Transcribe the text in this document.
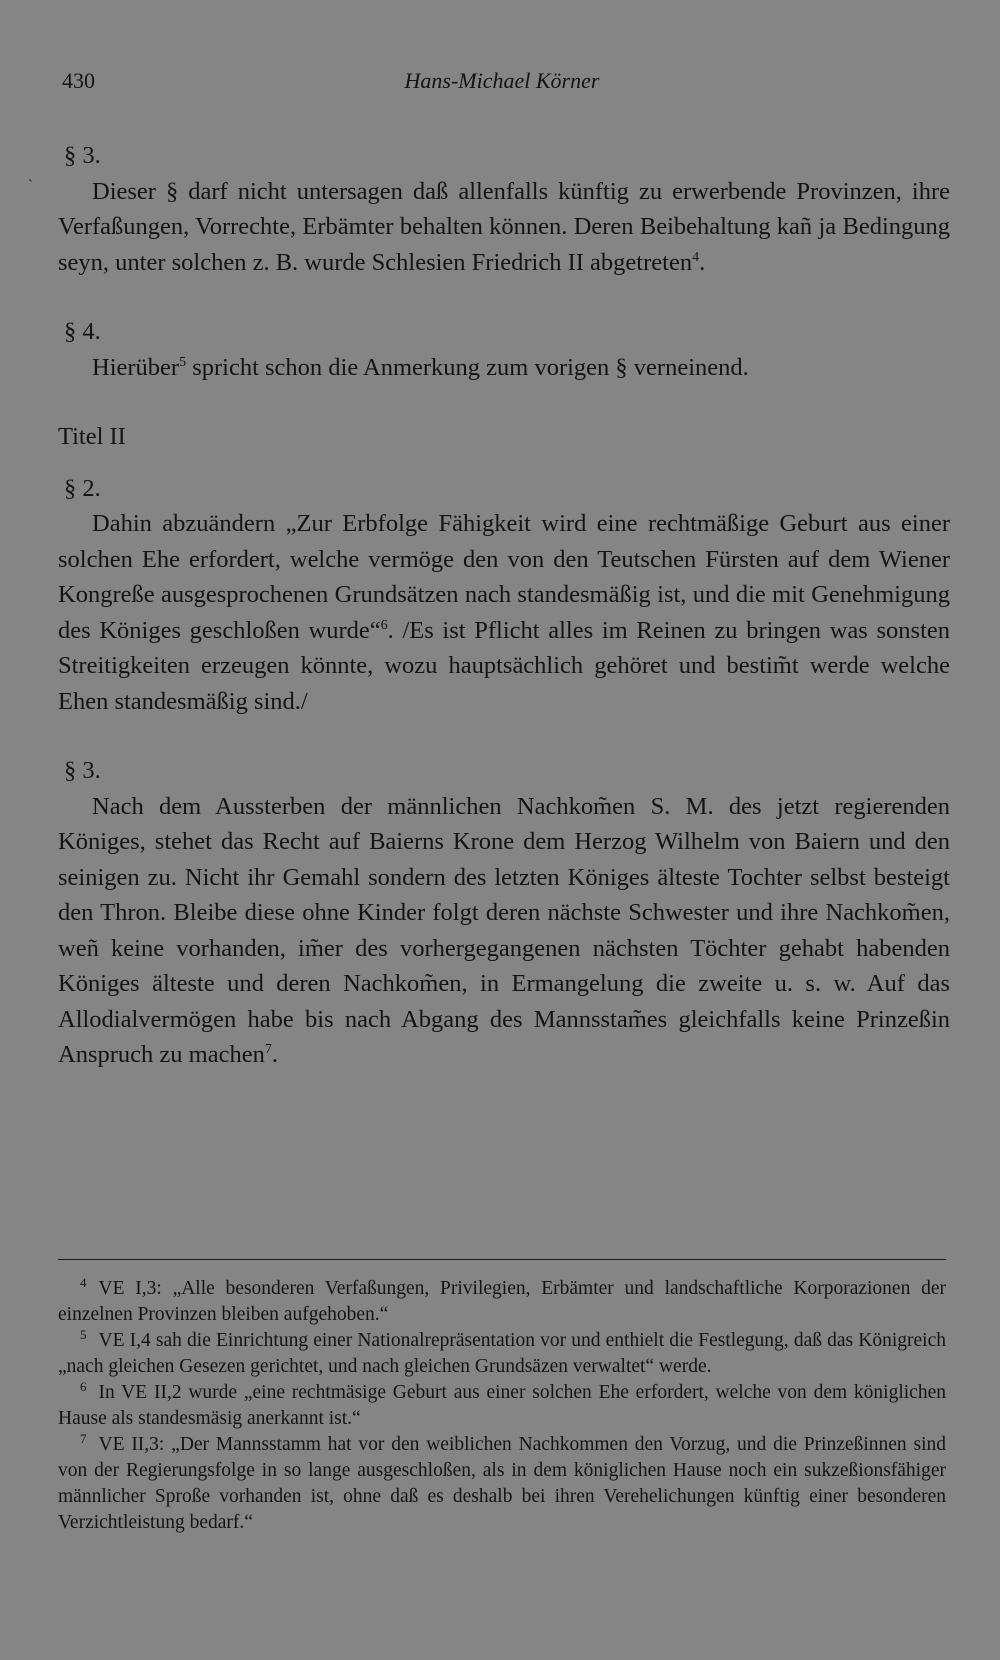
430	Hans-Michael Körner
`

§ 3.

Dieser § darf nicht untersagen daß allenfalls künftig zu erwerbende Provinzen, ihre Verfaßungen, Vorrechte, Erbämter behalten können. Deren Beibehaltung kañ ja Bedingung seyn, unter solchen z. B. wurde Schlesien Friedrich II abgetreten$^4$.

§ 4.

Hierüber$^5$ spricht schon die Anmerkung zum vorigen § verneinend.

Titel II

§ 2.

Dahin abzuändern „Zur Erbfolge Fähigkeit wird eine rechtmäßige Geburt aus einer solchen Ehe erfordert, welche vermöge den von den Teutschen Fürsten auf dem Wiener Kongreße ausgesprochenen Grundsätzen nach standesmäßig ist, und die mit Genehmigung des Königes geschloßen wurde“$^6$. /Es ist Pflicht alles im Reinen zu bringen was sonsten Streitigkeiten erzeugen könnte, wozu hauptsächlich gehöret und bestim̃t werde welche Ehen standesmäßig sind./

§ 3.

Nach dem Aussterben der männlichen Nachkom̃en S. M. des jetzt regierenden Königes, stehet das Recht auf Baierns Krone dem Herzog Wilhelm von Baiern und den seinigen zu. Nicht ihr Gemahl sondern des letzten Königes älteste Tochter selbst besteigt den Thron. Bleibe diese ohne Kinder folgt deren nächste Schwester und ihre Nachkom̃en, weñ keine vorhanden, im̃er des vorhergegangenen nächsten Töchter gehabt habenden Königes älteste und deren Nachkom̃en, in Ermangelung die zweite u. s. w. Auf das Allodialvermögen habe bis nach Abgang des Mannsstam̃es gleichfalls keine Prinzeßin Anspruch zu machen$^7$.

$^4$ VE I,3: „Alle besonderen Verfaßungen, Privilegien, Erbämter und landschaftliche Korporazionen der einzelnen Provinzen bleiben aufgehoben.“

$^5$ VE I,4 sah die Einrichtung einer Nationalrepräsentation vor und enthielt die Festlegung, daß das Königreich „nach gleichen Gesezen gerichtet, und nach gleichen Grundsäzen verwaltet“ werde.

$^6$ In VE II,2 wurde „eine rechtmäsige Geburt aus einer solchen Ehe erfordert, welche von dem königlichen Hause als standesmäsig anerkannt ist.“

$^7$ VE II,3: „Der Mannsstamm hat vor den weiblichen Nachkommen den Vorzug, und die Prinzeßinnen sind von der Regierungsfolge in so lange ausgeschloßen, als in dem königlichen Hause noch ein sukzeßionsfähiger männlicher Sproße vorhanden ist, ohne daß es deshalb bei ihren Verehelichungen künftig einer besonderen Verzichtleistung bedarf.“
